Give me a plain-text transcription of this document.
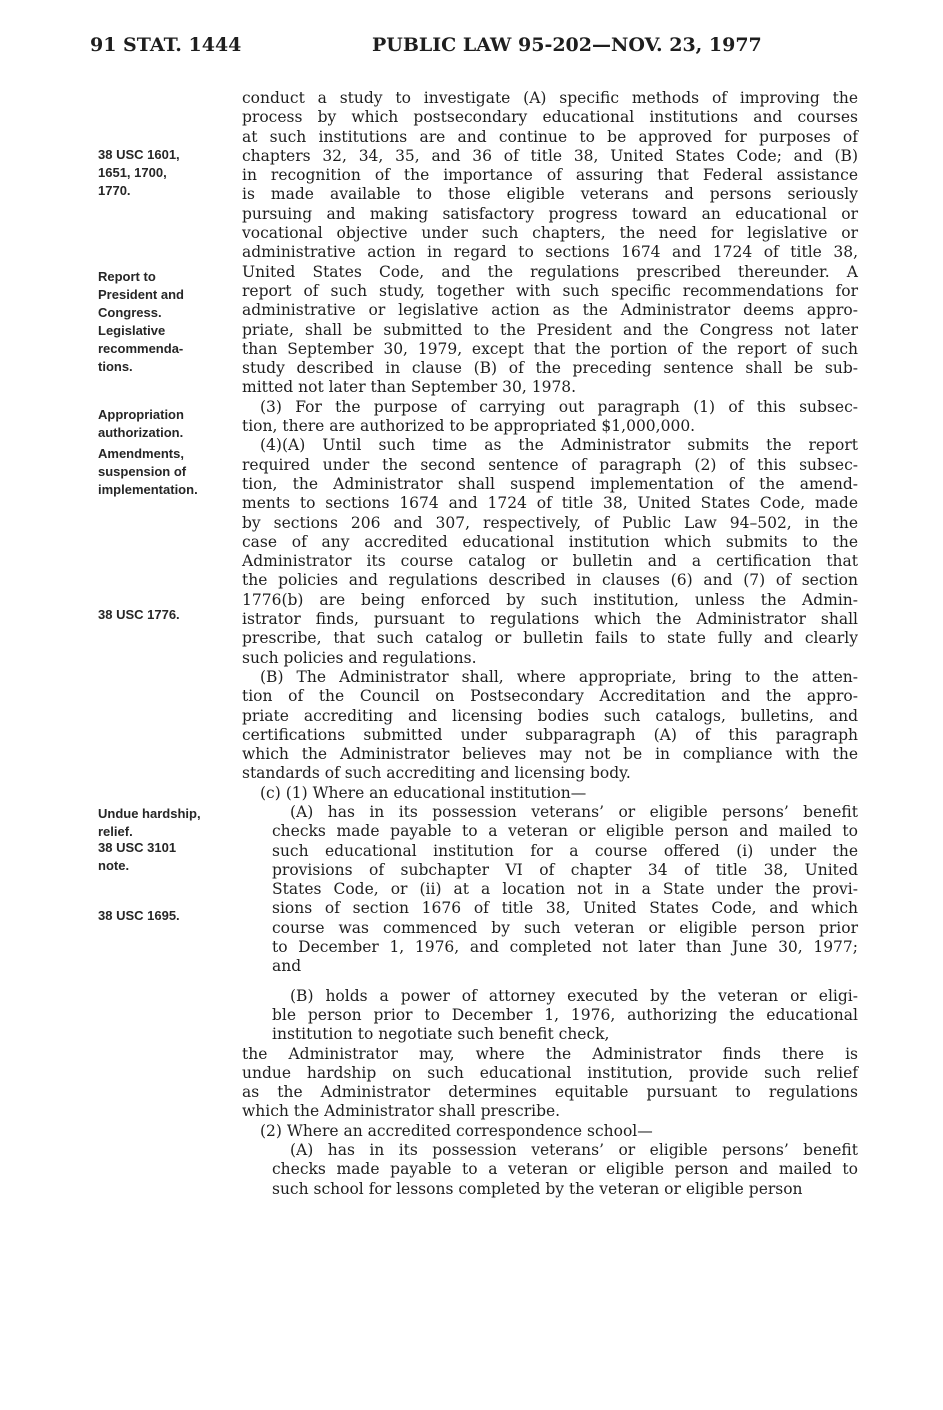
91 STAT. 1444	PUBLIC LAW 95-202—NOV. 23, 1977
38 USC 1601,
1651, 1700,
1770.
Report to
President and
Congress.
Legislative
recommenda-
tions.
Appropriation
authorization.
Amendments,
suspension of
implementation.
38 USC 1776.
Undue hardship,
relief.
38 USC 3101
note.
38 USC 1695.
conduct a study to investigate (A) specific methods of improving the
process by which postsecondary educational institutions and courses
at such institutions are and continue to be approved for purposes of
chapters 32, 34, 35, and 36 of title 38, United States Code; and (B)
in recognition of the importance of assuring that Federal assistance
is made available to those eligible veterans and persons seriously
pursuing and making satisfactory progress toward an educational or
vocational objective under such chapters, the need for legislative or
administrative action in regard to sections 1674 and 1724 of title 38,
United States Code, and the regulations prescribed thereunder. A
report of such study, together with such specific recommendations for
administrative or legislative action as the Administrator deems appro-
priate, shall be submitted to the President and the Congress not later
than September 30, 1979, except that the portion of the report of such
study described in clause (B) of the preceding sentence shall be sub-
mitted not later than September 30, 1978.
(3) For the purpose of carrying out paragraph (1) of this subsec-
tion, there are authorized to be appropriated $1,000,000.
(4)(A) Until such time as the Administrator submits the report
required under the second sentence of paragraph (2) of this subsec-
tion, the Administrator shall suspend implementation of the amend-
ments to sections 1674 and 1724 of title 38, United States Code, made
by sections 206 and 307, respectively, of Public Law 94–502, in the
case of any accredited educational institution which submits to the
Administrator its course catalog or bulletin and a certification that
the policies and regulations described in clauses (6) and (7) of section
1776(b) are being enforced by such institution, unless the Admin-
istrator finds, pursuant to regulations which the Administrator shall
prescribe, that such catalog or bulletin fails to state fully and clearly
such policies and regulations.
(B) The Administrator shall, where appropriate, bring to the atten-
tion of the Council on Postsecondary Accreditation and the appro-
priate accrediting and licensing bodies such catalogs, bulletins, and
certifications submitted under subparagraph (A) of this paragraph
which the Administrator believes may not be in compliance with the
standards of such accrediting and licensing body.
(c) (1) Where an educational institution—
(A) has in its possession veterans’ or eligible persons’ benefit
checks made payable to a veteran or eligible person and mailed to
such educational institution for a course offered (i) under the
provisions of subchapter VI of chapter 34 of title 38, United
States Code, or (ii) at a location not in a State under the provi-
sions of section 1676 of title 38, United States Code, and which
course was commenced by such veteran or eligible person prior
to December 1, 1976, and completed not later than June 30, 1977;
and
(B) holds a power of attorney executed by the veteran or eligi-
ble person prior to December 1, 1976, authorizing the educational
institution to negotiate such benefit check,
the Administrator may, where the Administrator finds there is
undue hardship on such educational institution, provide such relief
as the Administrator determines equitable pursuant to regulations
which the Administrator shall prescribe.
(2) Where an accredited correspondence school—
(A) has in its possession veterans’ or eligible persons’ benefit
checks made payable to a veteran or eligible person and mailed to
such school for lessons completed by the veteran or eligible person
